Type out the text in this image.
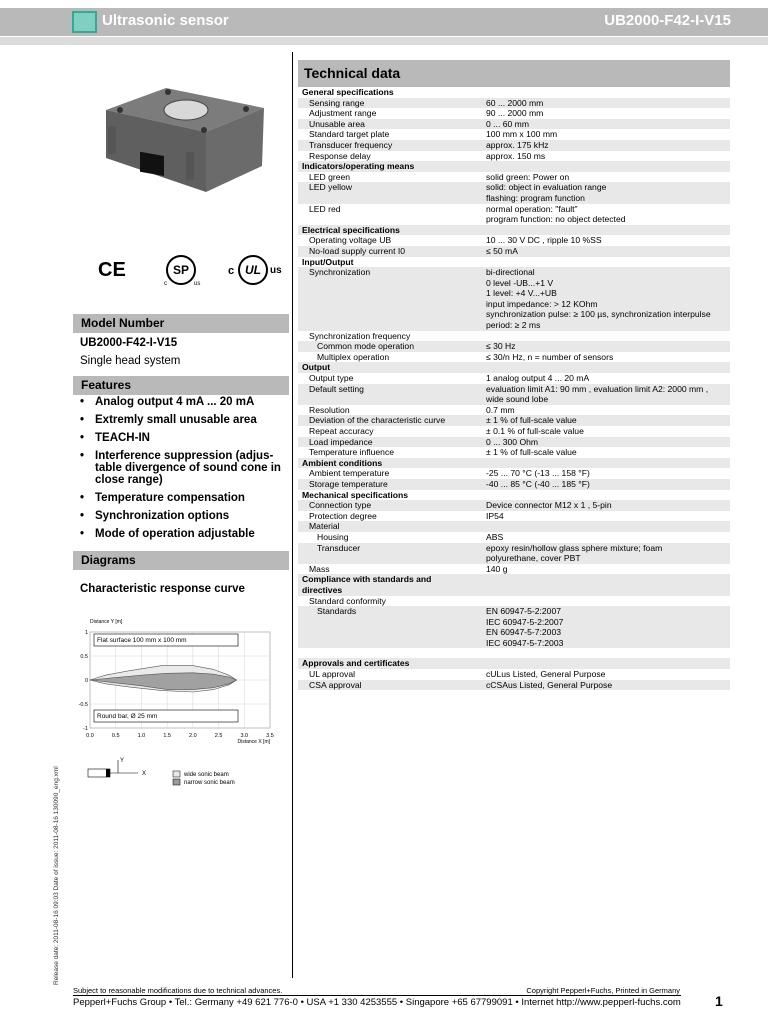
Ultrasonic sensor	UB2000-F42-I-V15
CE	SP
c	us
c UL us
Model Number
UB2000-F42-I-V15
Single head system
Features
• Analog output 4 mA ... 20 mA
• Extremly small unusable area
• TEACH-IN
• Interference suppression (adjus-table divergence of sound cone in close range)
• Temperature compensation
• Synchronization options
• Mode of operation adjustable
Diagrams
Characteristic response curve
0.0	0.5	1.0	1.5	2.0	2.5	3.0	3.5
1
0.5
0
-0.5
-1
Distance Y [m]
Distance X [m]
Flat surface 100 mm x 100 mm
Round bar, Ø 25 mm
Y
X	wide sonic beam
narrow sonic beam
Release date: 2011-08-16 09:03 Date of issue: 2011-08-16 130090_eng.xml
Technical data
General specifications
Sensing range	60 ... 2000 mm
Adjustment range	90 ... 2000 mm
Unusable area	0 ... 60 mm
Standard target plate	100 mm x 100 mm
Transducer frequency	approx. 175 kHz
Response delay	approx. 150 ms
Indicators/operating means
LED green	solid green: Power on
LED yellow	solid: object in evaluation range
flashing: program function
LED red	normal operation: "fault"
program function: no object detected
Electrical specifications
Operating voltage UB	10 ... 30 V DC , ripple 10 %SS
No-load supply current I0	≤ 50 mA
Input/Output
Synchronization	bi-directional
0 level -UB...+1 V
1 level: +4 V...+UB
input impedance: > 12 KOhm
synchronization pulse: ≥ 100 µs, synchronization interpulse
period: ≥ 2 ms
Synchronization frequency
Common mode operation	≤ 30 Hz
Multiplex operation	≤ 30/n Hz, n = number of sensors
Output
Output type	1 analog output 4 ... 20 mA
Default setting	evaluation limit A1: 90 mm , evaluation limit A2: 2000 mm ,
wide sound lobe
Resolution	0.7 mm
Deviation of the characteristic curve	± 1 % of full-scale value
Repeat accuracy	± 0.1 % of full-scale value
Load impedance	0 ... 300 Ohm
Temperature influence	± 1 % of full-scale value
Ambient conditions
Ambient temperature	-25 ... 70 °C (-13 ... 158 °F)
Storage temperature	-40 ... 85 °C (-40 ... 185 °F)
Mechanical specifications
Connection type	Device connector M12 x 1 , 5-pin
Protection degree	IP54
Material
Housing	ABS
Transducer	epoxy resin/hollow glass sphere mixture; foam
polyurethane, cover PBT
Mass	140 g
Compliance with standards and
directives
Standard conformity
Standards	EN 60947-5-2:2007
IEC 60947-5-2:2007
EN 60947-5-7:2003
IEC 60947-5-7:2003
Approvals and certificates
UL approval	cULus Listed, General Purpose
CSA approval	cCSAus Listed, General Purpose
Subject to reasonable modifications due to technical advances.	Copyright Pepperl+Fuchs, Printed in Germany
Pepperl+Fuchs Group • Tel.: Germany +49 621 776-0 • USA +1 330 4253555 • Singapore +65 67799091 • Internet http://www.pepperl-fuchs.com 1
